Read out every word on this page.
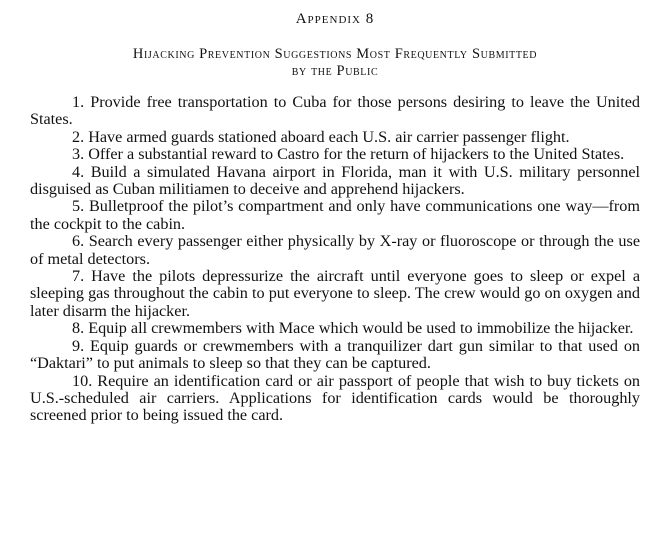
Appendix 8
Hijacking Prevention Suggestions Most Frequently Submitted
by the Public
1. Provide free transportation to Cuba for those persons desiring to leave the United States.
2. Have armed guards stationed aboard each U.S. air carrier passenger flight.
3. Offer a substantial reward to Castro for the return of hijackers to the United States.
4. Build a simulated Havana airport in Florida, man it with U.S. military personnel disguised as Cuban militiamen to deceive and apprehend hijackers.
5. Bulletproof the pilot’s compartment and only have communications one way—from the cockpit to the cabin.
6. Search every passenger either physically by X-ray or fluoroscope or through the use of metal detectors.
7. Have the pilots depressurize the aircraft until everyone goes to sleep or expel a sleeping gas throughout the cabin to put everyone to sleep. The crew would go on oxygen and later disarm the hijacker.
8. Equip all crewmembers with Mace which would be used to immobilize the hijacker.
9. Equip guards or crewmembers with a tranquilizer dart gun similar to that used on “Daktari” to put animals to sleep so that they can be captured.
10. Require an identification card or air passport of people that wish to buy tickets on U.S.-scheduled air carriers. Applications for identification cards would be thoroughly screened prior to being issued the card.
